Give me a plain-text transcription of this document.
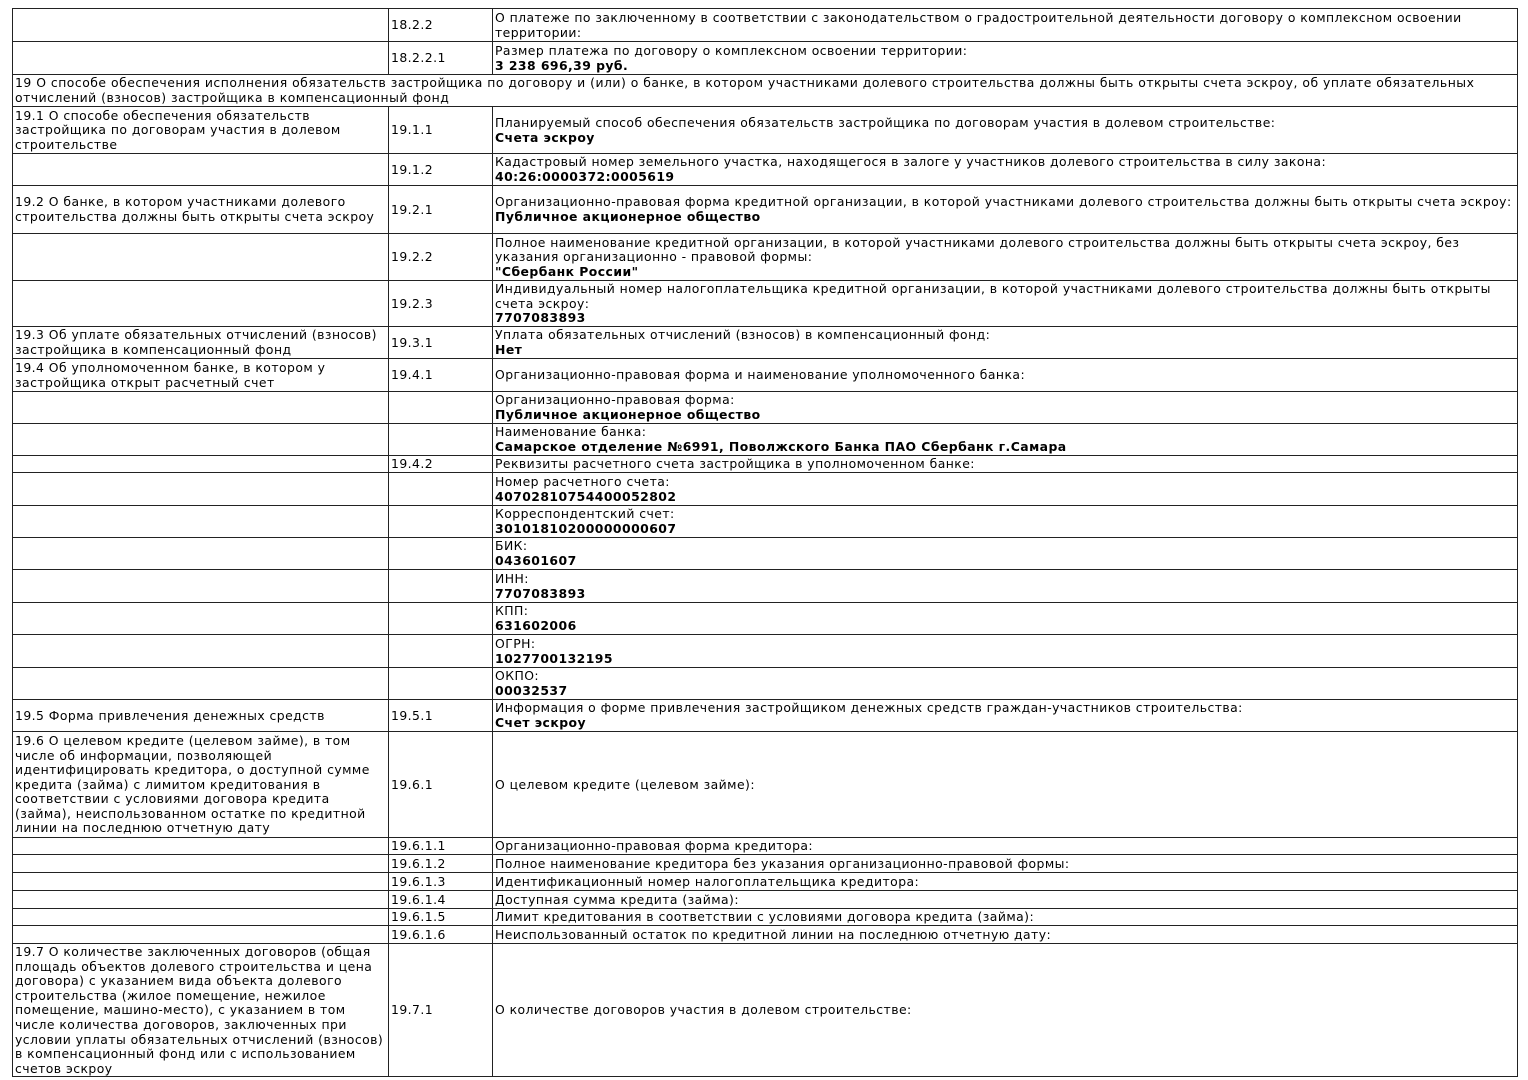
	18.2.2	О платеже по заключенному в соответствии с законодательством о градостроительной деятельности договору о комплексном освоении территории:

	18.2.2.1	Размер платежа по договору о комплексном освоении территории:
3 238 696,39 руб.

19 О способе обеспечения исполнения обязательств застройщика по договору и (или) о банке, в котором участниками долевого строительства должны быть открыты счета эскроу, об уплате обязательных отчислений (взносов) застройщика в компенсационный фонд		
19.1 О способе обеспечения обязательств застройщика по договорам участия в долевом строительстве	19.1.1	Планируемый способ обеспечения обязательств застройщика по договорам участия в долевом строительстве:
Счета эскроу

	19.1.2	Кадастровый номер земельного участка, находящегося в залоге у участников долевого строительства в силу закона:
40:26:0000372:0005619

19.2 О банке, в котором участниками долевого строительства должны быть открыты счета эскроу	19.2.1	Организационно-правовая форма кредитной организации, в которой участниками долевого строительства должны быть открыты счета эскроу:
Публичное акционерное общество

	19.2.2	Полное наименование кредитной организации, в которой участниками долевого строительства должны быть открыты счета эскроу, без указания организационно - правовой формы:
"Сбербанк России"

	19.2.3	Индивидуальный номер налогоплательщика кредитной организации, в которой участниками долевого строительства должны быть открыты счета эскроу:
7707083893

19.3 Об уплате обязательных отчислений (взносов) застройщика в компенсационный фонд	19.3.1	Уплата обязательных отчислений (взносов) в компенсационный фонд:
Нет

19.4 Об уполномоченном банке, в котором у застройщика открыт расчетный счет	19.4.1	Организационно-правовая форма и наименование уполномоченного банка:

		Организационно-правовая форма:
Публичное акционерное общество

		Наименование банка:
Самарское отделение №6991, Поволжского Банка ПАО Сбербанк г.Самара

	19.4.2	Реквизиты расчетного счета застройщика в уполномоченном банке:

		Номер расчетного счета:
40702810754400052802

		Корреспондентский счет:
30101810200000000607

		БИК:
043601607

		ИНН:
7707083893

		КПП:
631602006

		ОГРН:
1027700132195

		ОКПО:
00032537

19.5 Форма привлечения денежных средств	19.5.1	Информация о форме привлечения застройщиком денежных средств граждан-участников строительства:
Счет эскроу

19.6 О целевом кредите (целевом займе), в том числе об информации, позволяющей идентифицировать кредитора, о доступной сумме кредита (займа) с лимитом кредитования в соответствии с условиями договора кредита (займа), неиспользованном остатке по кредитной линии на последнюю отчетную дату	19.6.1	О целевом кредите (целевом займе):

	19.6.1.1	Организационно-правовая форма кредитора:

	19.6.1.2	Полное наименование кредитора без указания организационно-правовой формы:

	19.6.1.3	Идентификационный номер налогоплательщика кредитора:

	19.6.1.4	Доступная сумма кредита (займа):

	19.6.1.5	Лимит кредитования в соответствии с условиями договора кредита (займа):

	19.6.1.6	Неиспользованный остаток по кредитной линии на последнюю отчетную дату:

19.7 О количестве заключенных договоров (общая площадь объектов долевого строительства и цена договора) с указанием вида объекта долевого строительства (жилое помещение, нежилое помещение, машино-место), с указанием в том числе количества договоров, заключенных при условии уплаты обязательных отчислений (взносов) в компенсационный фонд или с использованием счетов эскроу	19.7.1	О количестве договоров участия в долевом строительстве:
